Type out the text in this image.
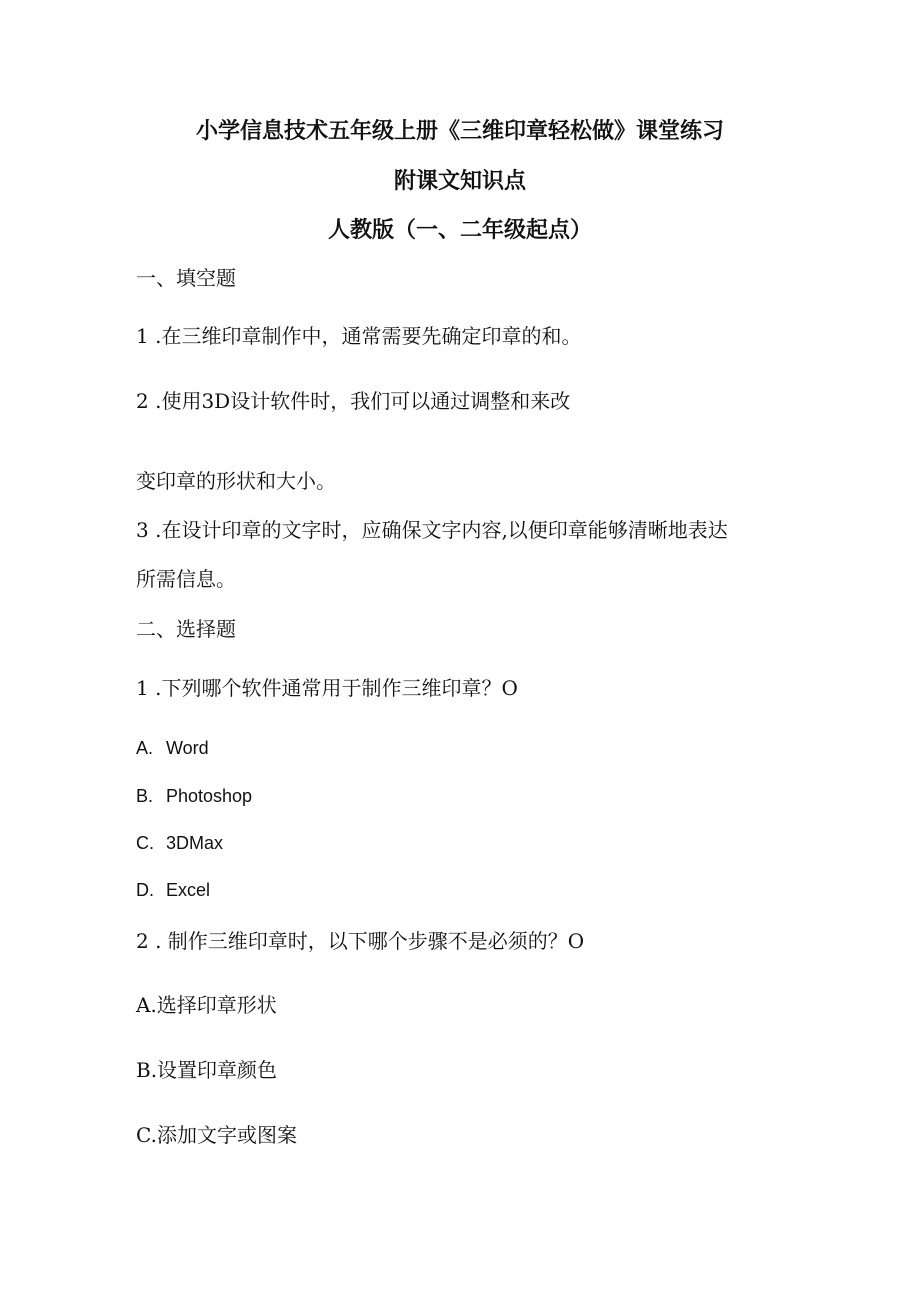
小学信息技术五年级上册《三维印章轻松做》课堂练习
附课文知识点
人教版（一、二年级起点）
一、填空题
1 .在三维印章制作中，通常需要先确定印章的和。
2 .使用3D设计软件时，我们可以通过调整和来改
变印章的形状和大小。
3 .在设计印章的文字时，应确保文字内容,以便印章能够清晰地表达
所需信息。
二、选择题
1 .下列哪个软件通常用于制作三维印章？O
A. Word
B. Photoshop
C. 3DMax
D. Excel
2 . 制作三维印章时，以下哪个步骤不是必须的？O
A.选择印章形状
B.设置印章颜色
C.添加文字或图案
